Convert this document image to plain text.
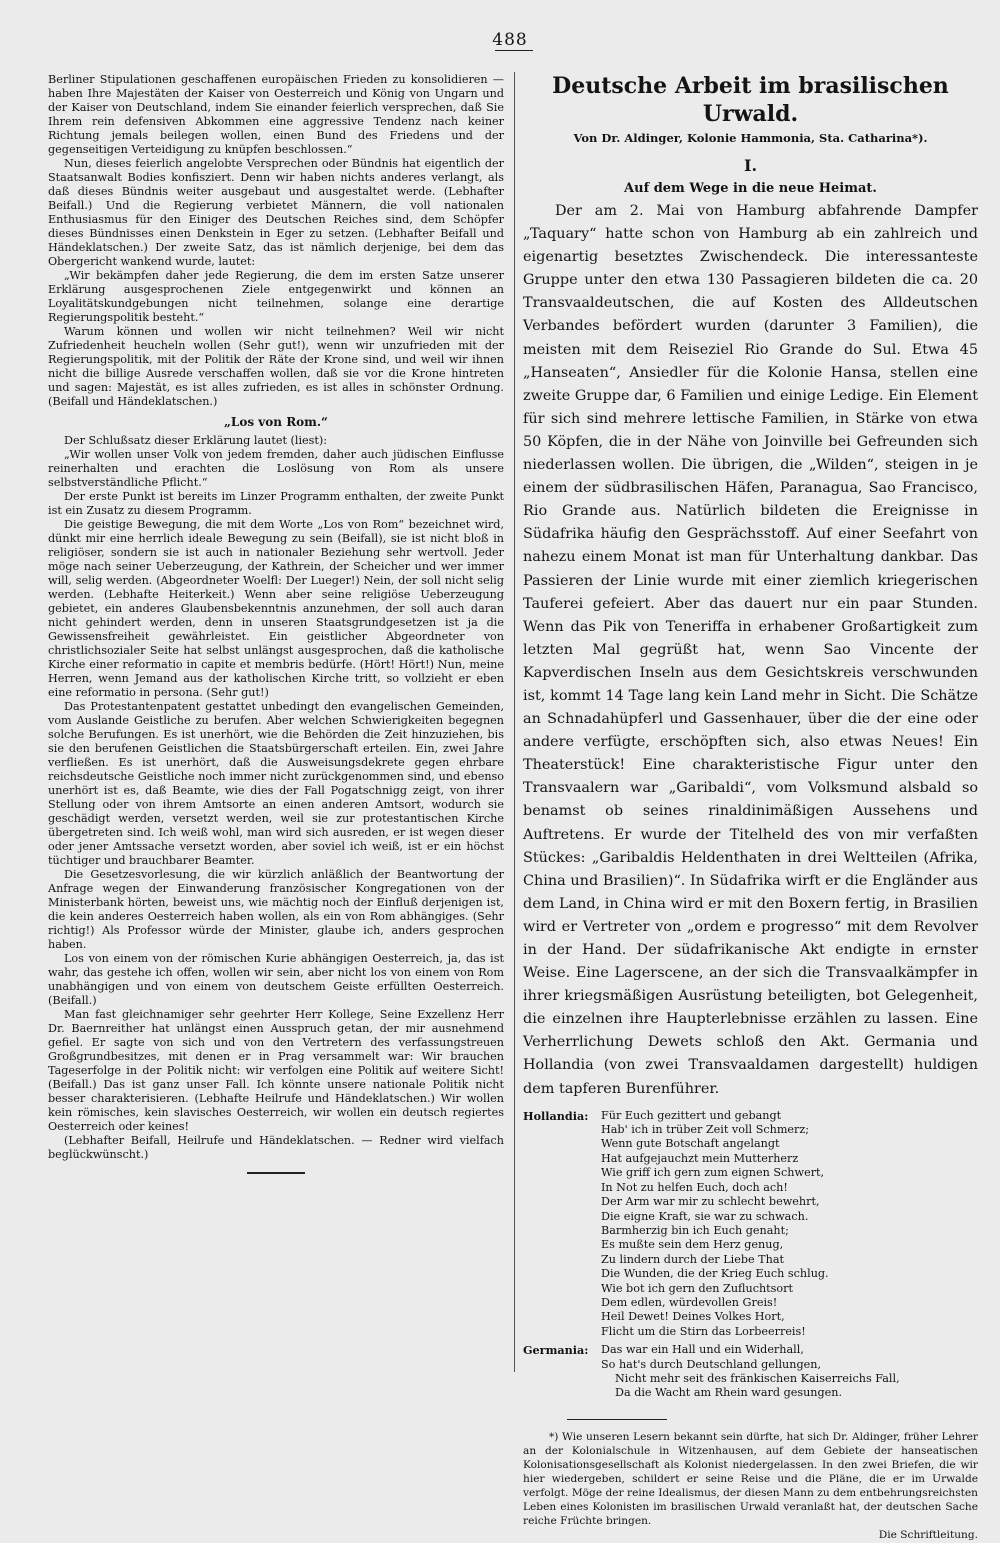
488

Berliner Stipulationen geschaffenen europäischen Frieden zu konsolidieren — haben Ihre Majestäten der Kaiser von Oesterreich und König von Ungarn und der Kaiser von Deutschland, indem Sie einander feierlich versprechen, daß Sie Ihrem rein defensiven Abkommen eine aggressive Tendenz nach keiner Richtung jemals beilegen wollen, einen Bund des Friedens und der gegenseitigen Verteidigung zu knüpfen beschlossen.“

Nun, dieses feierlich angelobte Versprechen oder Bündnis hat eigentlich der Staatsanwalt Bodies konfisziert. Denn wir haben nichts anderes verlangt, als daß dieses Bündnis weiter ausgebaut und ausgestaltet werde. (Lebhafter Beifall.) Und die Regierung verbietet Männern, die voll nationalen Enthusiasmus für den Einiger des Deutschen Reiches sind, dem Schöpfer dieses Bündnisses einen Denkstein in Eger zu setzen. (Lebhafter Beifall und Händeklatschen.) Der zweite Satz, das ist nämlich derjenige, bei dem das Obergericht wankend wurde, lautet:

„Wir bekämpfen daher jede Regierung, die dem im ersten Satze unserer Erklärung ausgesprochenen Ziele entgegenwirkt und können an Loyalitätskundgebungen nicht teilnehmen, solange eine derartige Regierungspolitik besteht.“

Warum können und wollen wir nicht teilnehmen? Weil wir nicht Zufriedenheit heucheln wollen (Sehr gut!), wenn wir unzufrieden mit der Regierungspolitik, mit der Politik der Räte der Krone sind, und weil wir ihnen nicht die billige Ausrede verschaffen wollen, daß sie vor die Krone hintreten und sagen: Majestät, es ist alles zufrieden, es ist alles in schönster Ordnung. (Beifall und Händeklatschen.)

„Los von Rom.“

Der Schlußsatz dieser Erklärung lautet (liest):

„Wir wollen unser Volk von jedem fremden, daher auch jüdischen Einflusse reinerhalten und erachten die Loslösung von Rom als unsere selbstverständliche Pflicht.“

Der erste Punkt ist bereits im Linzer Programm enthalten, der zweite Punkt ist ein Zusatz zu diesem Programm.

Die geistige Bewegung, die mit dem Worte „Los von Rom“ bezeichnet wird, dünkt mir eine herrlich ideale Bewegung zu sein (Beifall), sie ist nicht bloß in religiöser, sondern sie ist auch in nationaler Beziehung sehr wertvoll. Jeder möge nach seiner Ueberzeugung, der Kathrein, der Scheicher und wer immer will, selig werden. (Abgeordneter Woelfl: Der Lueger!) Nein, der soll nicht selig werden. (Lebhafte Heiterkeit.) Wenn aber seine religiöse Ueberzeugung gebietet, ein anderes Glaubensbekenntnis anzunehmen, der soll auch daran nicht gehindert werden, denn in unseren Staatsgrundgesetzen ist ja die Gewissensfreiheit gewährleistet. Ein geistlicher Abgeordneter von christlichsozialer Seite hat selbst unlängst ausgesprochen, daß die katholische Kirche einer reformatio in capite et membris bedürfe. (Hört! Hört!) Nun, meine Herren, wenn Jemand aus der katholischen Kirche tritt, so vollzieht er eben eine reformatio in persona. (Sehr gut!)

Das Protestantenpatent gestattet unbedingt den evangelischen Gemeinden, vom Auslande Geistliche zu berufen. Aber welchen Schwierigkeiten begegnen solche Berufungen. Es ist unerhört, wie die Behörden die Zeit hinzuziehen, bis sie den berufenen Geistlichen die Staatsbürgerschaft erteilen. Ein, zwei Jahre verfließen. Es ist unerhört, daß die Ausweisungsdekrete gegen ehrbare reichsdeutsche Geistliche noch immer nicht zurückgenommen sind, und ebenso unerhört ist es, daß Beamte, wie dies der Fall Pogatschnigg zeigt, von ihrer Stellung oder von ihrem Amtsorte an einen anderen Amtsort, wodurch sie geschädigt werden, versetzt werden, weil sie zur protestantischen Kirche übergetreten sind. Ich weiß wohl, man wird sich ausreden, er ist wegen dieser oder jener Amtssache versetzt worden, aber soviel ich weiß, ist er ein höchst tüchtiger und brauchbarer Beamter.

Die Gesetzesvorlesung, die wir kürzlich anläßlich der Beantwortung der Anfrage wegen der Einwanderung französischer Kongregationen von der Ministerbank hörten, beweist uns, wie mächtig noch der Einfluß derjenigen ist, die kein anderes Oesterreich haben wollen, als ein von Rom abhängiges. (Sehr richtig!) Als Professor würde der Minister, glaube ich, anders gesprochen haben.

Los von einem von der römischen Kurie abhängigen Oesterreich, ja, das ist wahr, das gestehe ich offen, wollen wir sein, aber nicht los von einem von Rom unabhängigen und von einem von deutschem Geiste erfüllten Oesterreich. (Beifall.)

Man fast gleichnamiger sehr geehrter Herr Kollege, Seine Exzellenz Herr Dr. Baernreither hat unlängst einen Ausspruch getan, der mir ausnehmend gefiel. Er sagte von sich und von den Vertretern des verfassungstreuen Großgrundbesitzes, mit denen er in Prag versammelt war: Wir brauchen Tageserfolge in der Politik nicht: wir verfolgen eine Politik auf weitere Sicht! (Beifall.) Das ist ganz unser Fall. Ich könnte unsere nationale Politik nicht besser charakterisieren. (Lebhafte Heilrufe und Händeklatschen.) Wir wollen kein römisches, kein slavisches Oesterreich, wir wollen ein deutsch regiertes Oesterreich oder keines!

(Lebhafter Beifall, Heilrufe und Händeklatschen. — Redner wird vielfach beglückwünscht.)

Deutsche Arbeit im brasilischen Urwald.

Von Dr. Aldinger, Kolonie Hammonia, Sta. Catharina*).

I.

Auf dem Wege in die neue Heimat.

Der am 2. Mai von Hamburg abfahrende Dampfer „Taquary“ hatte schon von Hamburg ab ein zahlreich und eigenartig besetztes Zwischendeck. Die interessanteste Gruppe unter den etwa 130 Passagieren bildeten die ca. 20 Transvaaldeutschen, die auf Kosten des Alldeutschen Verbandes befördert wurden (darunter 3 Familien), die meisten mit dem Reiseziel Rio Grande do Sul. Etwa 45 „Hanseaten“, Ansiedler für die Kolonie Hansa, stellen eine zweite Gruppe dar, 6 Familien und einige Ledige. Ein Element für sich sind mehrere lettische Familien, in Stärke von etwa 50 Köpfen, die in der Nähe von Joinville bei Gefreunden sich niederlassen wollen. Die übrigen, die „Wilden“, steigen in je einem der südbrasilischen Häfen, Paranagua, Sao Francisco, Rio Grande aus. Natürlich bildeten die Ereignisse in Südafrika häufig den Gesprächsstoff. Auf einer Seefahrt von nahezu einem Monat ist man für Unterhaltung dankbar. Das Passieren der Linie wurde mit einer ziemlich kriegerischen Tauferei gefeiert. Aber das dauert nur ein paar Stunden. Wenn das Pik von Teneriffa in erhabener Großartigkeit zum letzten Mal gegrüßt hat, wenn Sao Vincente der Kapverdischen Inseln aus dem Gesichtskreis verschwunden ist, kommt 14 Tage lang kein Land mehr in Sicht. Die Schätze an Schnadahüpferl und Gassenhauer, über die der eine oder andere verfügte, erschöpften sich, also etwas Neues! Ein Theaterstück! Eine charakteristische Figur unter den Transvaalern war „Garibaldi“, vom Volksmund alsbald so benamst ob seines rinaldinimäßigen Aussehens und Auftretens. Er wurde der Titelheld des von mir verfaßten Stückes: „Garibaldis Heldenthaten in drei Weltteilen (Afrika, China und Brasilien)“. In Südafrika wirft er die Engländer aus dem Land, in China wird er mit den Boxern fertig, in Brasilien wird er Vertreter von „ordem e progresso“ mit dem Revolver in der Hand. Der südafrikanische Akt endigte in ernster Weise. Eine Lagerscene, an der sich die Transvaalkämpfer in ihrer kriegsmäßigen Ausrüstung beteiligten, bot Gelegenheit, die einzelnen ihre Haupterlebnisse erzählen zu lassen. Eine Verherrlichung Dewets schloß den Akt. Germania und Hollandia (von zwei Transvaaldamen dargestellt) huldigen dem tapferen Burenführer.

Hollandia:	Für Euch gezittert und gebangt
Hab' ich in trüber Zeit voll Schmerz;
Wenn gute Botschaft angelangt
Hat aufgejauchzt mein Mutterherz
Wie griff ich gern zum eignen Schwert,
In Not zu helfen Euch, doch ach!
Der Arm war mir zu schlecht bewehrt,
Die eigne Kraft, sie war zu schwach.
Barmherzig bin ich Euch genaht;
Es mußte sein dem Herz genug,
Zu lindern durch der Liebe That
Die Wunden, die der Krieg Euch schlug.
Wie bot ich gern den Zufluchtsort
Dem edlen, würdevollen Greis!
Heil Dewet! Deines Volkes Hort,
Flicht um die Stirn das Lorbeerreis!
Germania:	Das war ein Hall und ein Widerhall,
So hat's durch Deutschland gellungen,
Nicht mehr seit des fränkischen Kaiserreichs Fall,
Da die Wacht am Rhein ward gesungen.

*) Wie unseren Lesern bekannt sein dürfte, hat sich Dr. Aldinger, früher Lehrer an der Kolonialschule in Witzenhausen, auf dem Gebiete der hanseatischen Kolonisationsgesellschaft als Kolonist niedergelassen. In den zwei Briefen, die wir hier wiedergeben, schildert er seine Reise und die Pläne, die er im Urwalde verfolgt. Möge der reine Idealismus, der diesen Mann zu dem entbehrungsreichsten Leben eines Kolonisten im brasilischen Urwald veranlaßt hat, der deutschen Sache reiche Früchte bringen.

Die Schriftleitung.
